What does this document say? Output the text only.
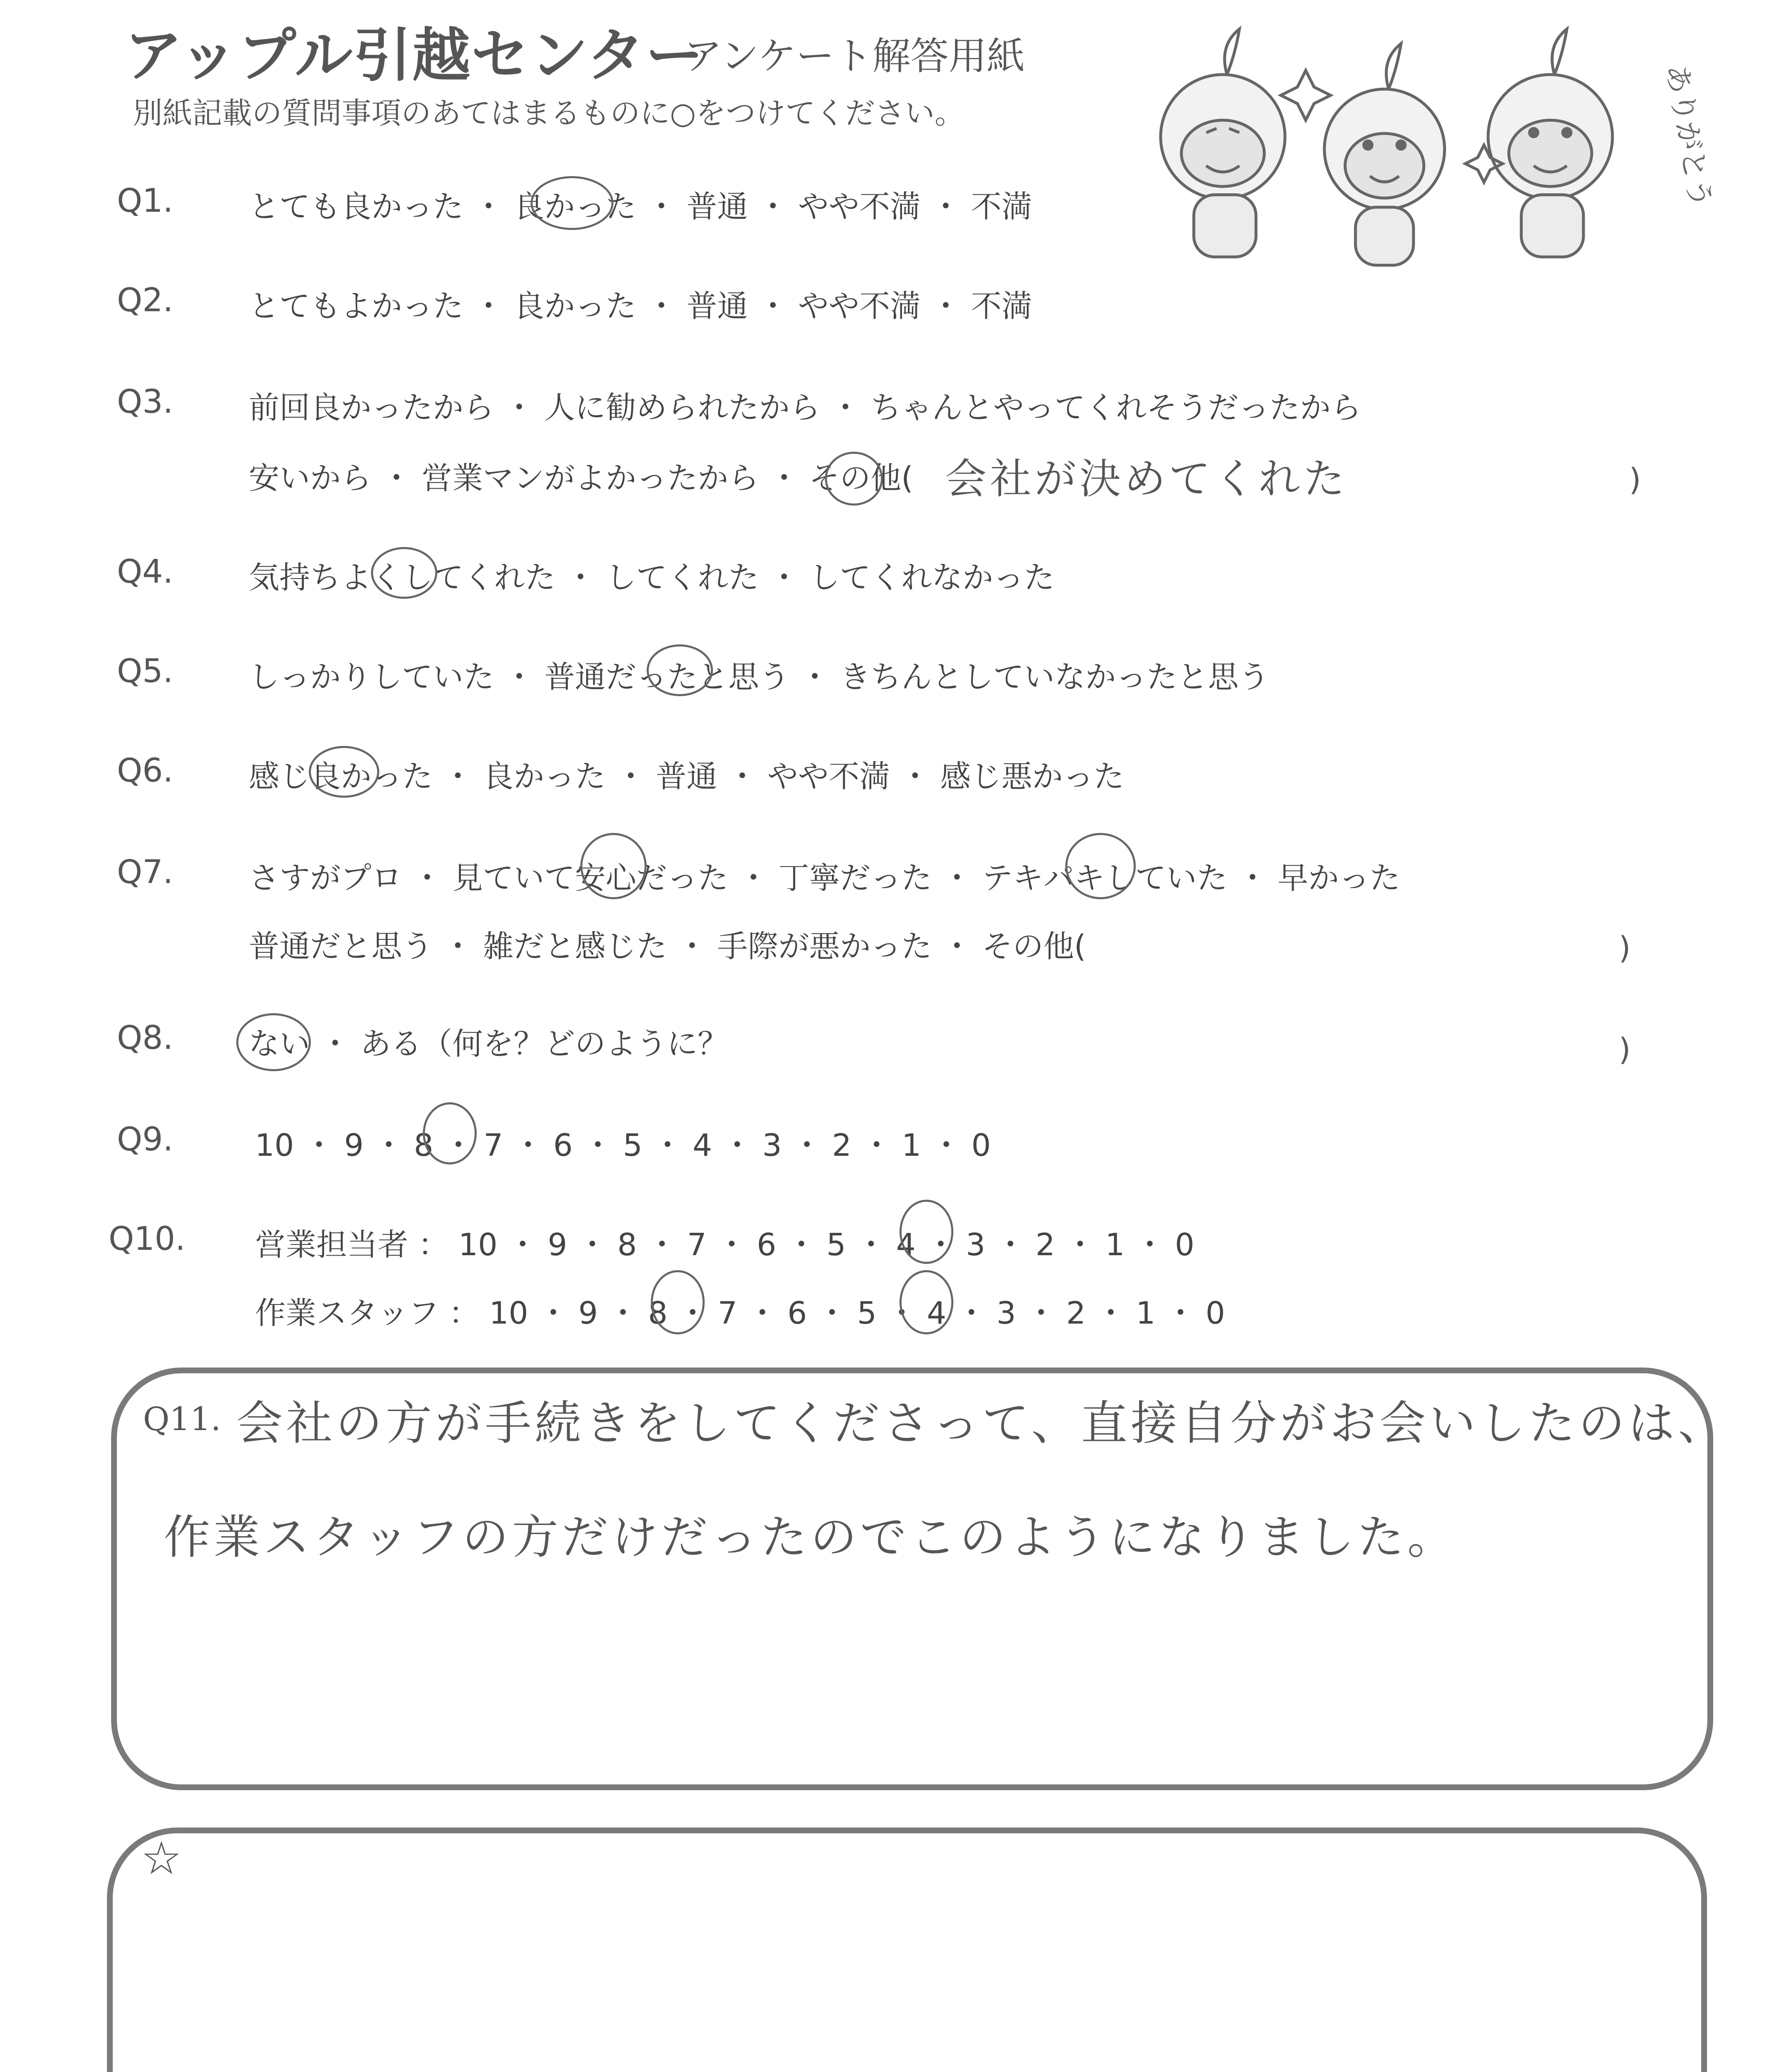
アップル引越センター
アンケート解答用紙
別紙記載の質問事項のあてはまるものに○をつけてください。	ありがとう
Q1. とても良かった ・ 良かった ・ 普通 ・ やや不満 ・ 不満
Q2. とてもよかった ・ 良かった ・ 普通 ・ やや不満 ・ 不満
Q3. 前回良かったから ・ 人に勧められたから ・ ちゃんとやってくれそうだったから
安いから ・ 営業マンがよかったから ・ その他( 会社が決めてくれた	)
Q4. 気持ちよくしてくれた ・ してくれた ・ してくれなかった
Q5. しっかりしていた ・ 普通だったと思う ・ きちんとしていなかったと思う
Q6. 感じ良かった ・ 良かった ・ 普通 ・ やや不満 ・ 感じ悪かった
Q7. さすがプロ ・ 見ていて安心だった ・ 丁寧だった ・ テキパキしていた ・ 早かった
普通だと思う ・ 雑だと感じた ・ 手際が悪かった ・ その他(	)
Q8. ない ・ ある（何を？どのように？	)
Q9.	10 ・ 9 ・ 8 ・ 7 ・ 6 ・ 5 ・ 4 ・ 3 ・ 2 ・ 1 ・ 0
Q10. 営業担当者 ： 10 ・ 9 ・ 8 ・ 7 ・ 6 ・ 5 ・ 4 ・ 3 ・ 2 ・ 1 ・ 0
作業スタッフ ： 10 ・ 9 ・ 8 ・ 7 ・ 6 ・ 5 ・ 4 ・ 3 ・ 2 ・ 1 ・ 0
Q11. 会社の方が手続きをしてくださって、直接自分がお会いしたのは、
作業スタッフの方だけだったのでこのようになりました。
☆
